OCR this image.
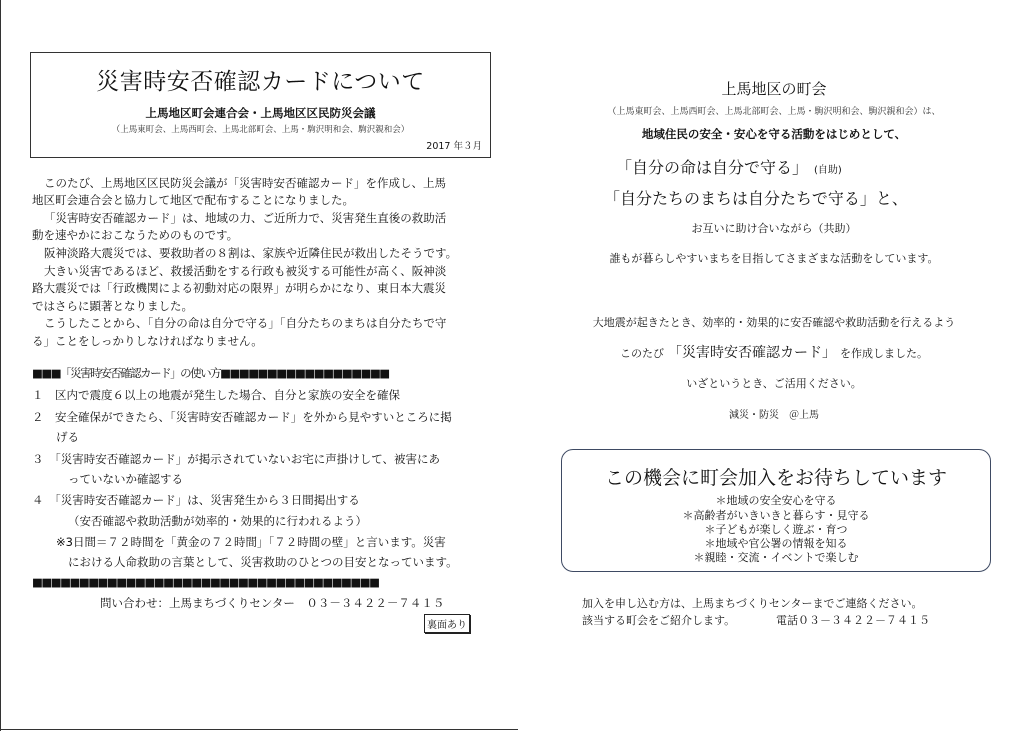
災害時安否確認カードについて
上馬地区町会連合会・上馬地区区民防災会議
（上馬東町会、上馬西町会、上馬北部町会、上馬・駒沢明和会、駒沢親和会）
2017 年３月
このたび、上馬地区区民防災会議が「災害時安否確認カード」を作成し、上馬
地区町会連合会と協力して地区で配布することになりました。
「災害時安否確認カード」は、地域の力、ご近所力で、災害発生直後の救助活
動を速やかにおこなうためのものです。
阪神淡路大震災では、要救助者の８割は、家族や近隣住民が救出したそうです。
大きい災害であるほど、救援活動をする行政も被災する可能性が高く、阪神淡
路大震災では「行政機関による初動対応の限界」が明らかになり、東日本大震災
ではさらに顕著となりました。
こうしたことから、「自分の命は自分で守る」「自分たちのまちは自分たちで守
る」ことをしっかりしなければなりません。
■■■「災害時安否確認カード」の使い方■■■■■■■■■■■■■■■■■■
１　区内で震度６以上の地震が発生した場合、自分と家族の安全を確保
２　安全確保ができたら、「災害時安否確認カード」を外から見やすいところに掲
げる
３　「災害時安否確認カード」が掲示されていないお宅に声掛けして、被害にあ
っていないか確認する
４　「災害時安否確認カード」は、災害発生から３日間掲出する
（安否確認や救助活動が効率的・効果的に行われるよう）
※3日間＝７２時間を「黄金の７２時間」「７２時間の壁」と言います。災害
における人命救助の言葉として、災害救助のひとつの目安となっています。
■■■■■■■■■■■■■■■■■■■■■■■■■■■■■■■■■■■■■
問い合わせ：上馬まちづくりセンター　０３－３４２２－７４１５
裏面あり
上馬地区の町会
（上馬東町会、上馬西町会、上馬北部町会、上馬・駒沢明和会、駒沢親和会）は、
地域住民の安全・安心を守る活動をはじめとして、
「自分の命は自分で守る」 (自助)
「自分たちのまちは自分たちで守る」と、
お互いに助け合いながら（共助）
誰もが暮らしやすいまちを目指してさまざまな活動をしています。
大地震が起きたとき、効率的・効果的に安否確認や救助活動を行えるよう
このたび 「災害時安否確認カード」 を作成しました。
いざというとき、ご活用ください。
減災・防災　＠上馬
この機会に町会加入をお待ちしています
＊地域の安全安心を守る
＊高齢者がいきいきと暮らす・見守る
＊子どもが楽しく遊ぶ・育つ
＊地域や官公署の情報を知る
＊親睦・交流・イベントで楽しむ
加入を申し込む方は、上馬まちづくりセンターまでご連絡ください。
該当する町会をご紹介します。	電話０３－３４２２－７４１５
